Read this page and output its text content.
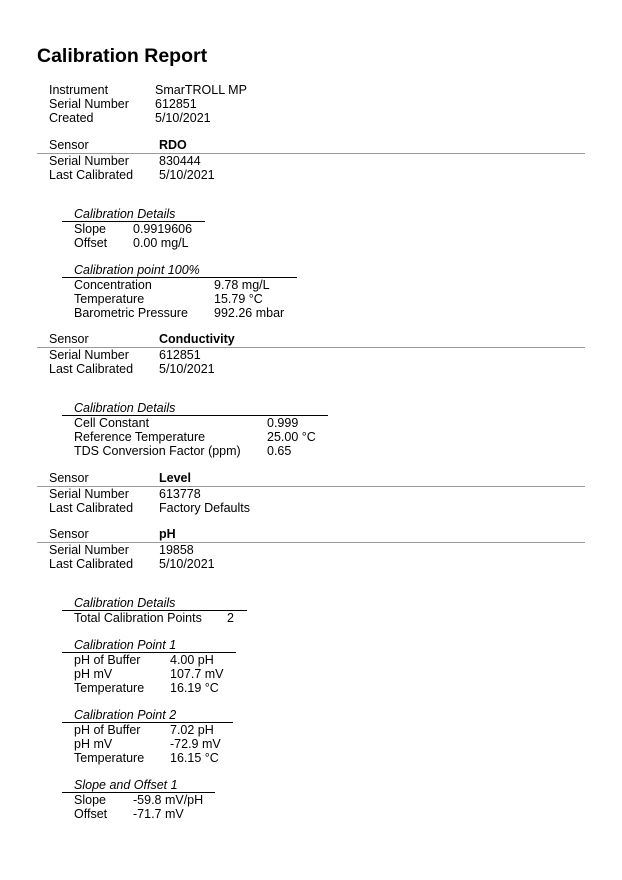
Calibration Report
Instrument	SmarTROLL MP
Serial Number 612851
Created	5/10/2021
Sensor	RDO
Serial Number 830444
Last Calibrated 5/10/2021
Calibration Details
Slope 0.9919606
Offset 0.00 mg/L
Calibration point 100%
Concentration	9.78 mg/L
Temperature	15.79 °C
Barometric Pressure 992.26 mbar
Sensor	Conductivity
Serial Number 612851
Last Calibrated 5/10/2021
Calibration Details
Cell Constant	0.999
Reference Temperature	25.00 °C
TDS Conversion Factor (ppm) 0.65
Sensor	Level
Serial Number 613778
Last Calibrated Factory Defaults
Sensor	pH
Serial Number 19858
Last Calibrated 5/10/2021
Calibration Details
Total Calibration Points 2
Calibration Point 1
pH of Buffer 4.00 pH
pH mV	107.7 mV
Temperature 16.19 °C
Calibration Point 2
pH of Buffer 7.02 pH
pH mV	-72.9 mV
Temperature 16.15 °C
Slope and Offset 1
Slope -59.8 mV/pH
Offset -71.7 mV
